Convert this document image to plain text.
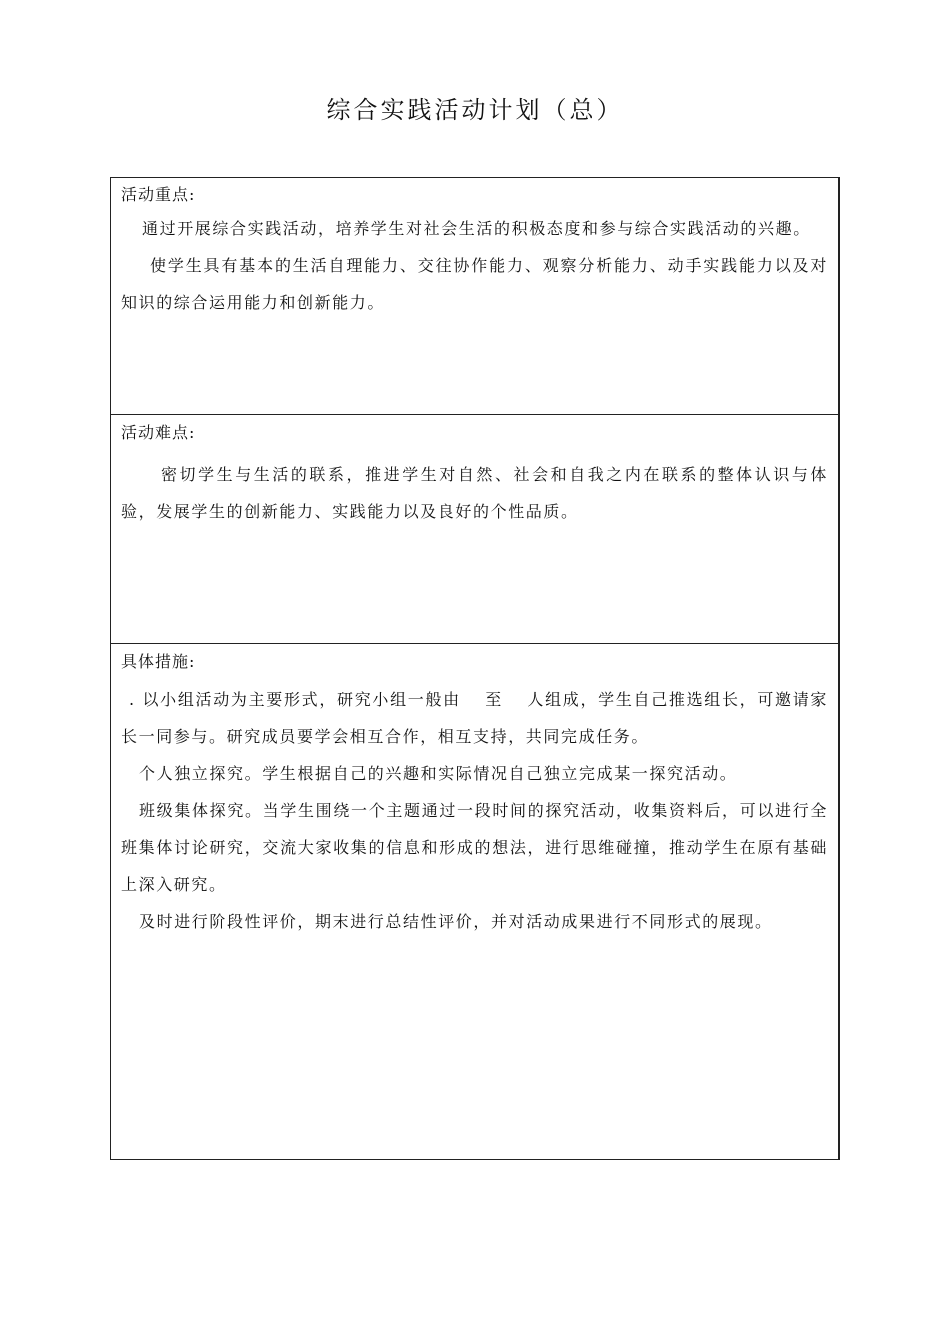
综合实践活动计划（总）
活动重点:

通过开展综合实践活动，培养学生对社会生活的积极态度和参与综合实践活动的兴趣。

使学生具有基本的生活自理能力、交往协作能力、观察分析能力、动手实践能力以及对知识的综合运用能力和创新能力。

活动难点:

密切学生与生活的联系，推进学生对自然、社会和自我之内在联系的整体认识与体验，发展学生的创新能力、实践能力以及良好的个性品质。

具体措施:

. 以小组活动为主要形式，研究小组一般由　 至　 人组成，学生自己推选组长，可邀请家长一同参与。研究成员要学会相互合作，相互支持，共同完成任务。

个人独立探究。学生根据自己的兴趣和实际情况自己独立完成某一探究活动。

班级集体探究。当学生围绕一个主题通过一段时间的探究活动，收集资料后，可以进行全班集体讨论研究，交流大家收集的信息和形成的想法，进行思维碰撞，推动学生在原有基础上深入研究。

及时进行阶段性评价，期末进行总结性评价，并对活动成果进行不同形式的展现。
